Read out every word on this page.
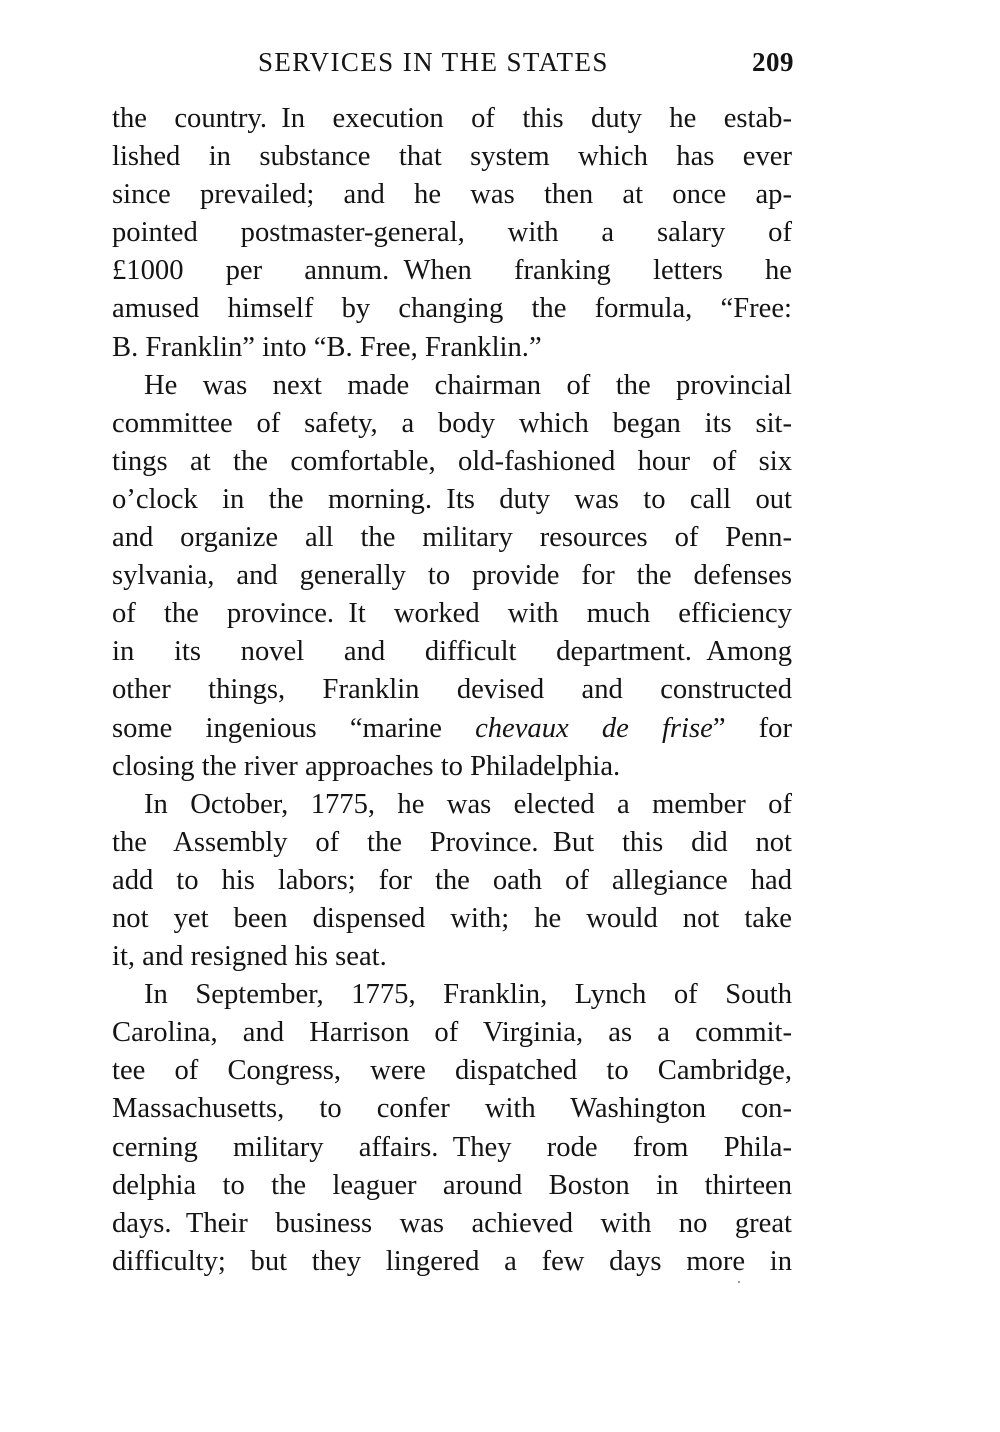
SERVICES IN THE STATES	209
the country. In execution of this duty he estab-
lished in substance that system which has ever
since prevailed; and he was then at once ap-
pointed postmaster-general, with a salary of
£1000 per annum. When franking letters he
amused himself by changing the formula, “Free:
B. Franklin” into “B. Free, Franklin.”
He was next made chairman of the provincial
committee of safety, a body which began its sit-
tings at the comfortable, old-fashioned hour of six
o’clock in the morning. Its duty was to call out
and organize all the military resources of Penn-
sylvania, and generally to provide for the defenses
of the province. It worked with much efficiency
in its novel and difficult department. Among
other things, Franklin devised and constructed
some ingenious “marine chevaux de frise” for
closing the river approaches to Philadelphia.
In October, 1775, he was elected a member of
the Assembly of the Province. But this did not
add to his labors; for the oath of allegiance had
not yet been dispensed with; he would not take
it, and resigned his seat.
In September, 1775, Franklin, Lynch of South
Carolina, and Harrison of Virginia, as a commit-
tee of Congress, were dispatched to Cambridge,
Massachusetts, to confer with Washington con-
cerning military affairs. They rode from Phila-
delphia to the leaguer around Boston in thirteen
days. Their business was achieved with no great
difficulty; but they lingered a few days more in
